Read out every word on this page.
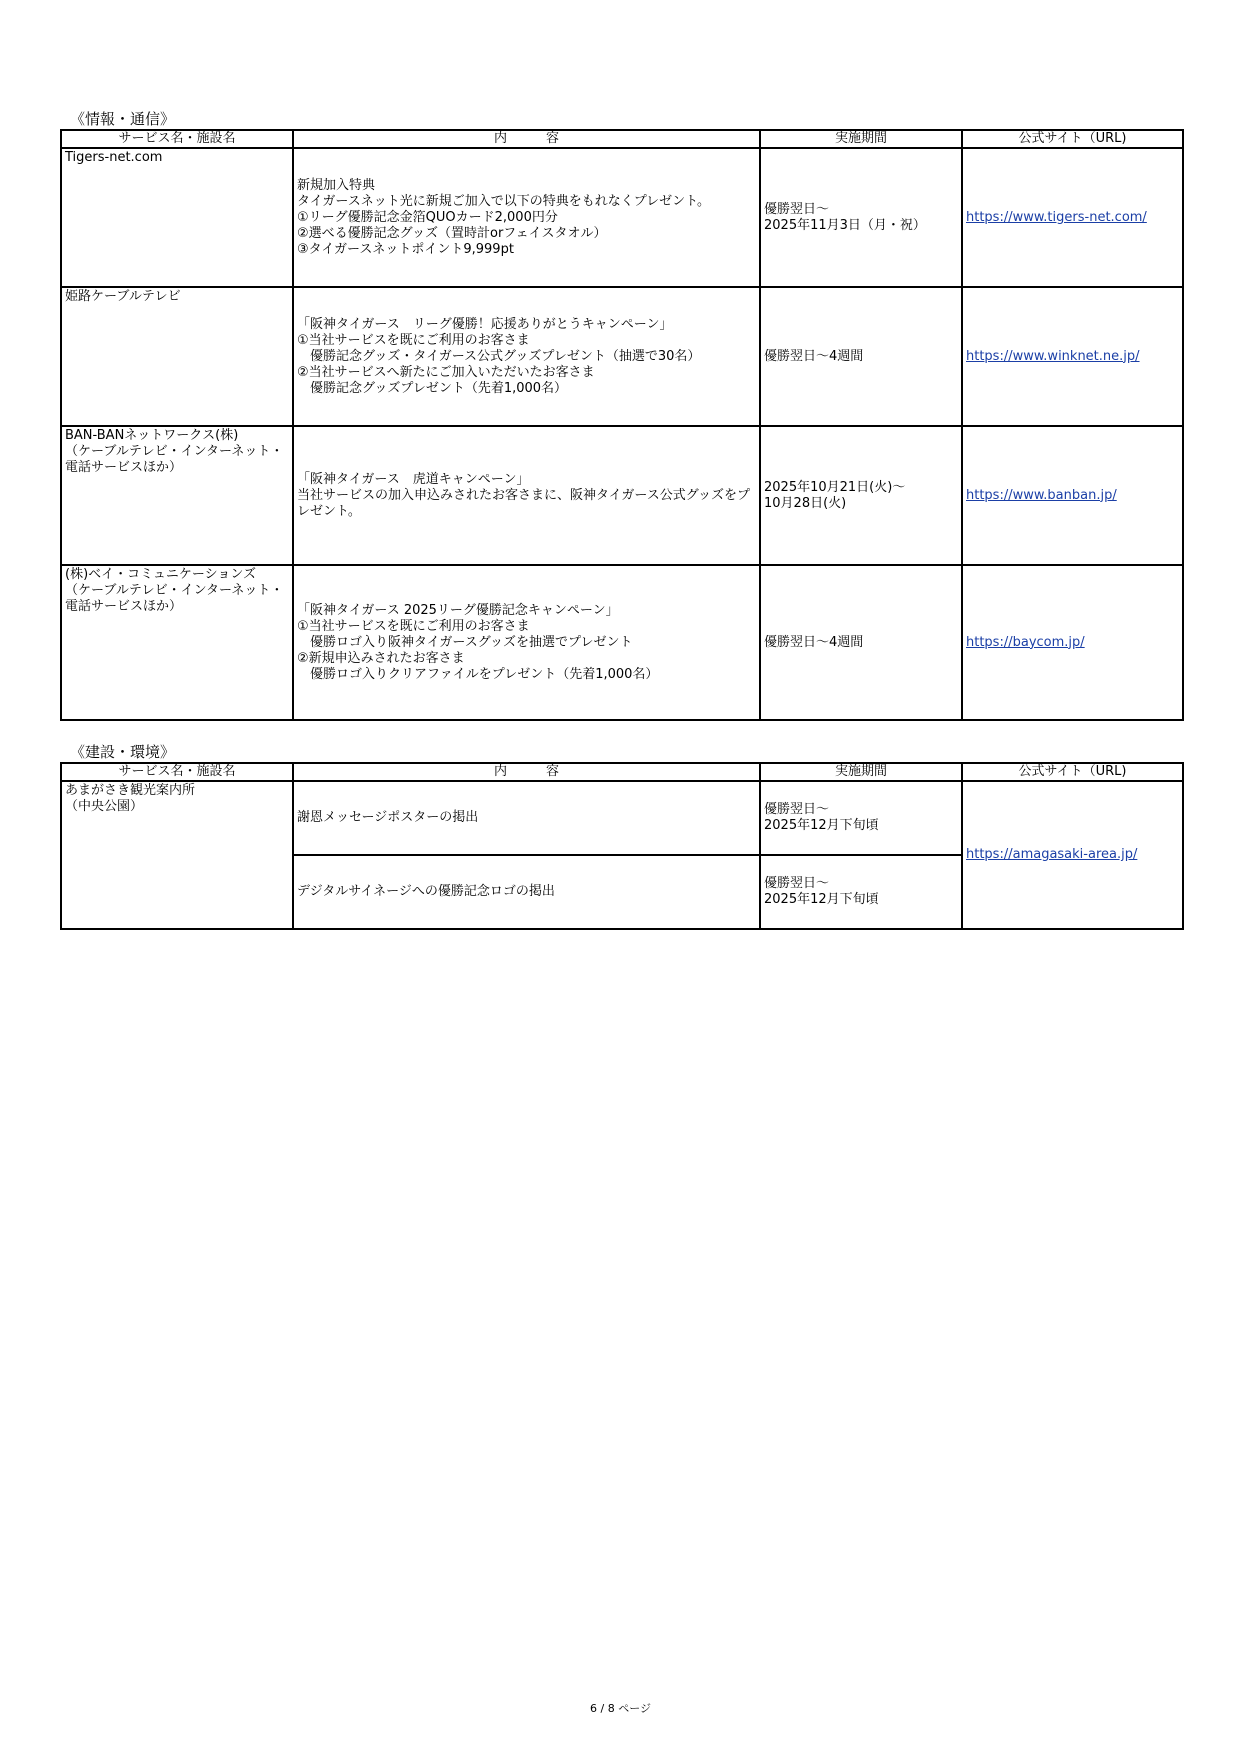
《情報・通信》
サービス名・施設名	内　　　容	実施期間	公式サイト（URL)

Tigers-net.com	新規加入特典
タイガースネット光に新規ご加入で以下の特典をもれなくプレゼント。
①リーグ優勝記念金箔QUOカード2,000円分
②選べる優勝記念グッズ（置時計orフェイスタオル）
③タイガースネットポイント9,999pt	優勝翌日～
2025年11月3日（月・祝）	https://www.tigers-net.com/

姫路ケーブルテレビ	「阪神タイガース　リーグ優勝！応援ありがとうキャンペーン」
①当社サービスを既にご利用のお客さま
　優勝記念グッズ・タイガース公式グッズプレゼント（抽選で30名）
②当社サービスへ新たにご加入いただいたお客さま
　優勝記念グッズプレゼント（先着1,000名）	優勝翌日～4週間	https://www.winknet.ne.jp/

BAN-BANネットワークス(株)
（ケーブルテレビ・インターネット・電話サービスほか）	「阪神タイガース　虎道キャンペーン」
当社サービスの加入申込みされたお客さまに、阪神タイガース公式グッズをプレゼント。	2025年10月21日(火)～
10月28日(火)	https://www.banban.jp/

(株)ベイ・コミュニケーションズ
（ケーブルテレビ・インターネット・電話サービスほか）	「阪神タイガース 2025リーグ優勝記念キャンペーン」
①当社サービスを既にご利用のお客さま
　優勝ロゴ入り阪神タイガースグッズを抽選でプレゼント
②新規申込みされたお客さま
　優勝ロゴ入りクリアファイルをプレゼント（先着1,000名）	優勝翌日～4週間	https://baycom.jp/
《建設・環境》
サービス名・施設名	内　　　容	実施期間	公式サイト（URL)

あまがさき観光案内所
（中央公園）	謝恩メッセージポスターの掲出	優勝翌日～
2025年12月下旬頃	https://amagasaki-area.jp/

	デジタルサイネージへの優勝記念ロゴの掲出	優勝翌日～
2025年12月下旬頃	
6 / 8 ページ
